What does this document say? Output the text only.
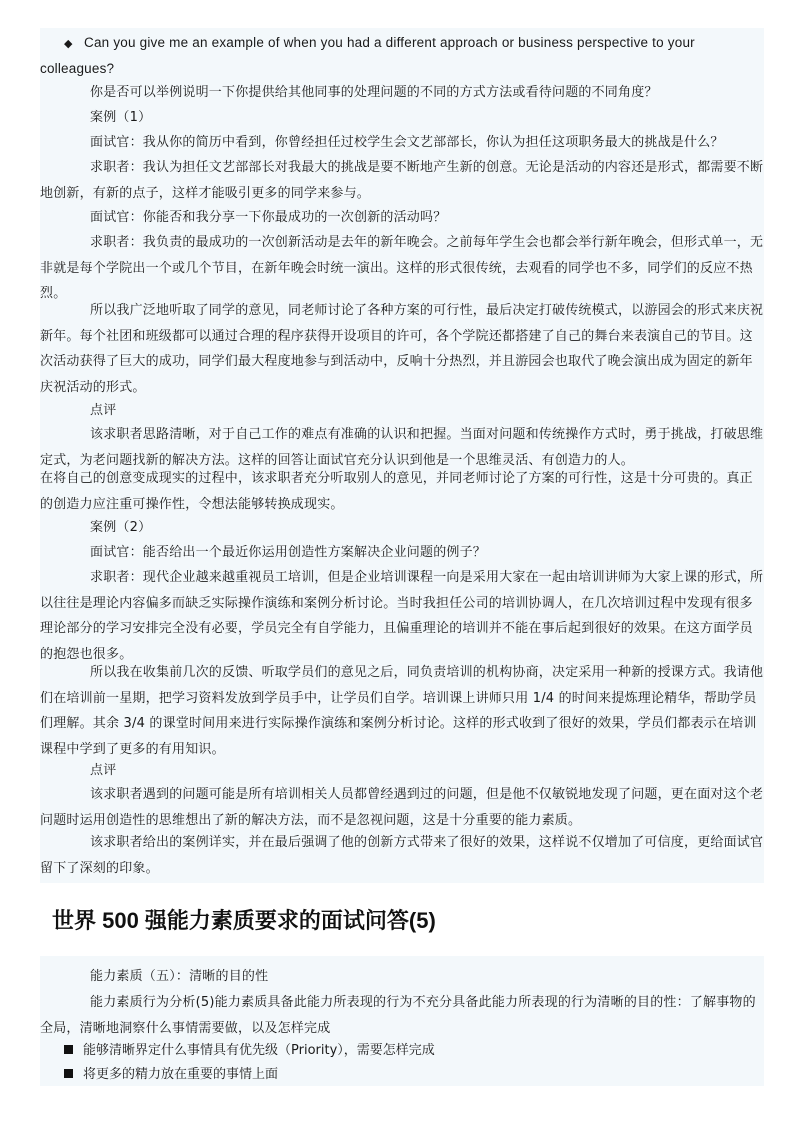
◆ Can you give me an example of when you had a different approach or business perspective to your

colleagues?

你是否可以举例说明一下你提供给其他同事的处理问题的不同的方式方法或看待问题的不同角度？

案例（1）

面试官：我从你的简历中看到，你曾经担任过校学生会文艺部部长，你认为担任这项职务最大的挑战是什么？

求职者：我认为担任文艺部部长对我最大的挑战是要不断地产生新的创意。无论是活动的内容还是形式，都需要不断地创新，有新的点子，这样才能吸引更多的同学来参与。

面试官：你能否和我分享一下你最成功的一次创新的活动吗？

求职者：我负责的最成功的一次创新活动是去年的新年晚会。之前每年学生会也都会举行新年晚会，但形式单一，无非就是每个学院出一个或几个节目，在新年晚会时统一演出。这样的形式很传统，去观看的同学也不多，同学们的反应不热烈。

所以我广泛地听取了同学的意见，同老师讨论了各种方案的可行性，最后决定打破传统模式，以游园会的形式来庆祝新年。每个社团和班级都可以通过合理的程序获得开设项目的许可，各个学院还都搭建了自己的舞台来表演自己的节目。这次活动获得了巨大的成功，同学们最大程度地参与到活动中，反响十分热烈，并且游园会也取代了晚会演出成为固定的新年庆祝活动的形式。

点评

该求职者思路清晰，对于自己工作的难点有准确的认识和把握。当面对问题和传统操作方式时，勇于挑战，打破思维定式，为老问题找新的解决方法。这样的回答让面试官充分认识到他是一个思维灵活、有创造力的人。

在将自己的创意变成现实的过程中，该求职者充分听取别人的意见，并同老师讨论了方案的可行性，这是十分可贵的。真正的创造力应注重可操作性，令想法能够转换成现实。

案例（2）

面试官：能否给出一个最近你运用创造性方案解决企业问题的例子？

求职者：现代企业越来越重视员工培训，但是企业培训课程一向是采用大家在一起由培训讲师为大家上课的形式，所以往往是理论内容偏多而缺乏实际操作演练和案例分析讨论。当时我担任公司的培训协调人，在几次培训过程中发现有很多理论部分的学习安排完全没有必要，学员完全有自学能力，且偏重理论的培训并不能在事后起到很好的效果。在这方面学员的抱怨也很多。

所以我在收集前几次的反馈、听取学员们的意见之后，同负责培训的机构协商，决定采用一种新的授课方式。我请他们在培训前一星期，把学习资料发放到学员手中，让学员们自学。培训课上讲师只用 1/4 的时间来提炼理论精华，帮助学员们理解。其余 3/4 的课堂时间用来进行实际操作演练和案例分析讨论。这样的形式收到了很好的效果，学员们都表示在培训课程中学到了更多的有用知识。

点评

该求职者遇到的问题可能是所有培训相关人员都曾经遇到过的问题，但是他不仅敏锐地发现了问题，更在面对这个老问题时运用创造性的思维想出了新的解决方法，而不是忽视问题，这是十分重要的能力素质。

该求职者给出的案例详实，并在最后强调了他的创新方式带来了很好的效果，这样说不仅增加了可信度，更给面试官留下了深刻的印象。

世界 500 强能力素质要求的面试问答(5)

能力素质（五）：清晰的目的性

能力素质行为分析(5)能力素质具备此能力所表现的行为不充分具备此能力所表现的行为清晰的目的性：了解事物的全局，清晰地洞察什么事情需要做，以及怎样完成

能够清晰界定什么事情具有优先级（Priority），需要怎样完成
将更多的精力放在重要的事情上面
